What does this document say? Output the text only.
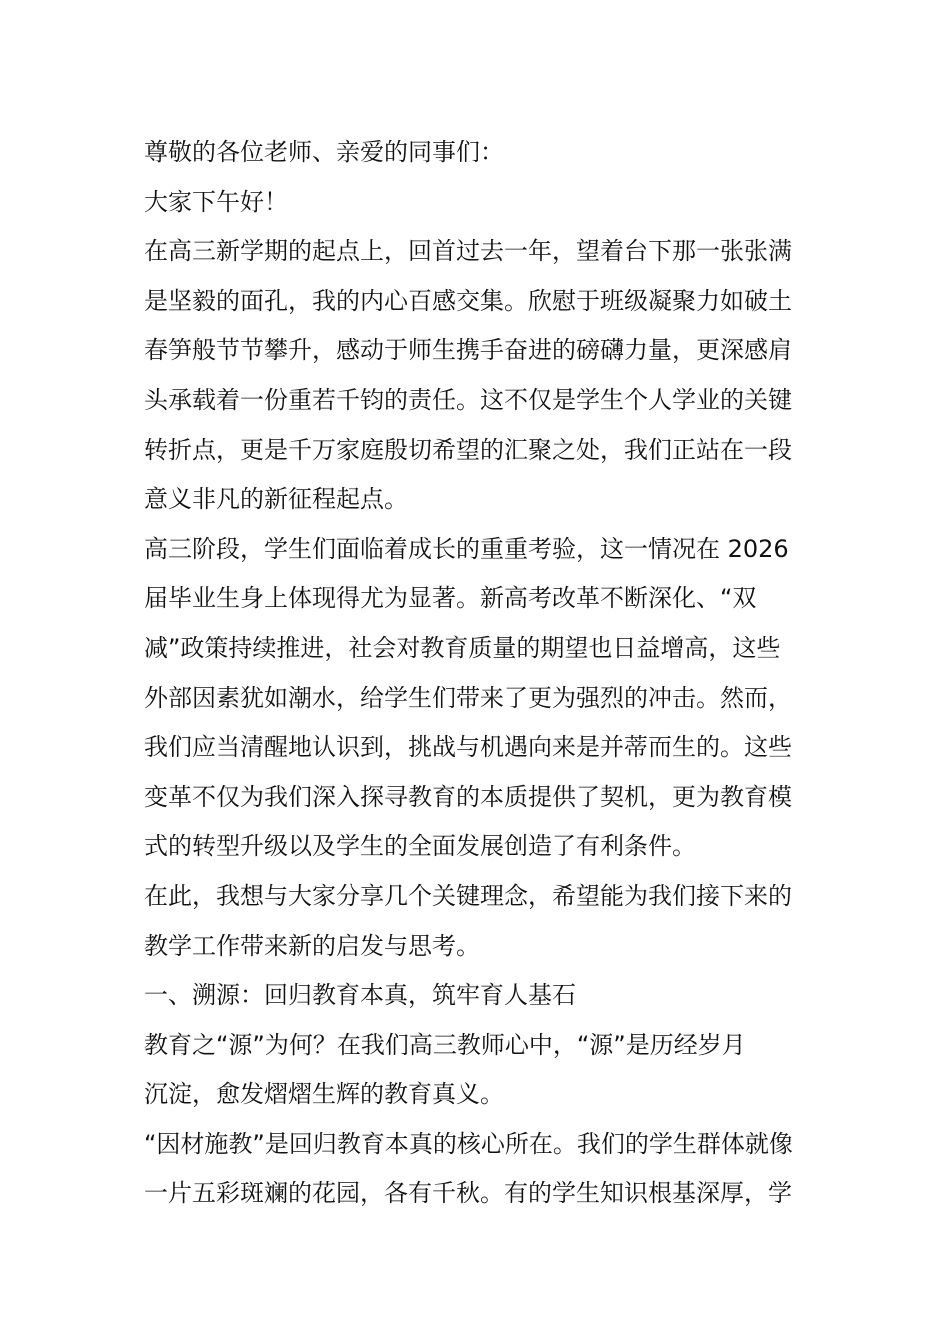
尊敬的各位老师、亲爱的同事们：

大家下午好！

在高三新学期的起点上，回首过去一年，望着台下那一张张满
是坚毅的面孔，我的内心百感交集。欣慰于班级凝聚力如破土
春笋般节节攀升，感动于师生携手奋进的磅礴力量，更深感肩
头承载着一份重若千钧的责任。这不仅是学生个人学业的关键
转折点，更是千万家庭殷切希望的汇聚之处，我们正站在一段
意义非凡的新征程起点。

高三阶段，学生们面临着成长的重重考验，这一情况在 2026
届毕业生身上体现得尤为显著。新高考改革不断深化、“双
减”政策持续推进，社会对教育质量的期望也日益增高，这些
外部因素犹如潮水，给学生们带来了更为强烈的冲击。然而，
我们应当清醒地认识到，挑战与机遇向来是并蒂而生的。这些
变革不仅为我们深入探寻教育的本质提供了契机，更为教育模
式的转型升级以及学生的全面发展创造了有利条件。

在此，我想与大家分享几个关键理念，希望能为我们接下来的
教学工作带来新的启发与思考。

一、溯源：回归教育本真，筑牢育人基石

教育之“源”为何？在我们高三教师心中，“源”是历经岁月
沉淀，愈发熠熠生辉的教育真义。

“因材施教”是回归教育本真的核心所在。我们的学生群体就像
一片五彩斑斓的花园，各有千秋。有的学生知识根基深厚，学
